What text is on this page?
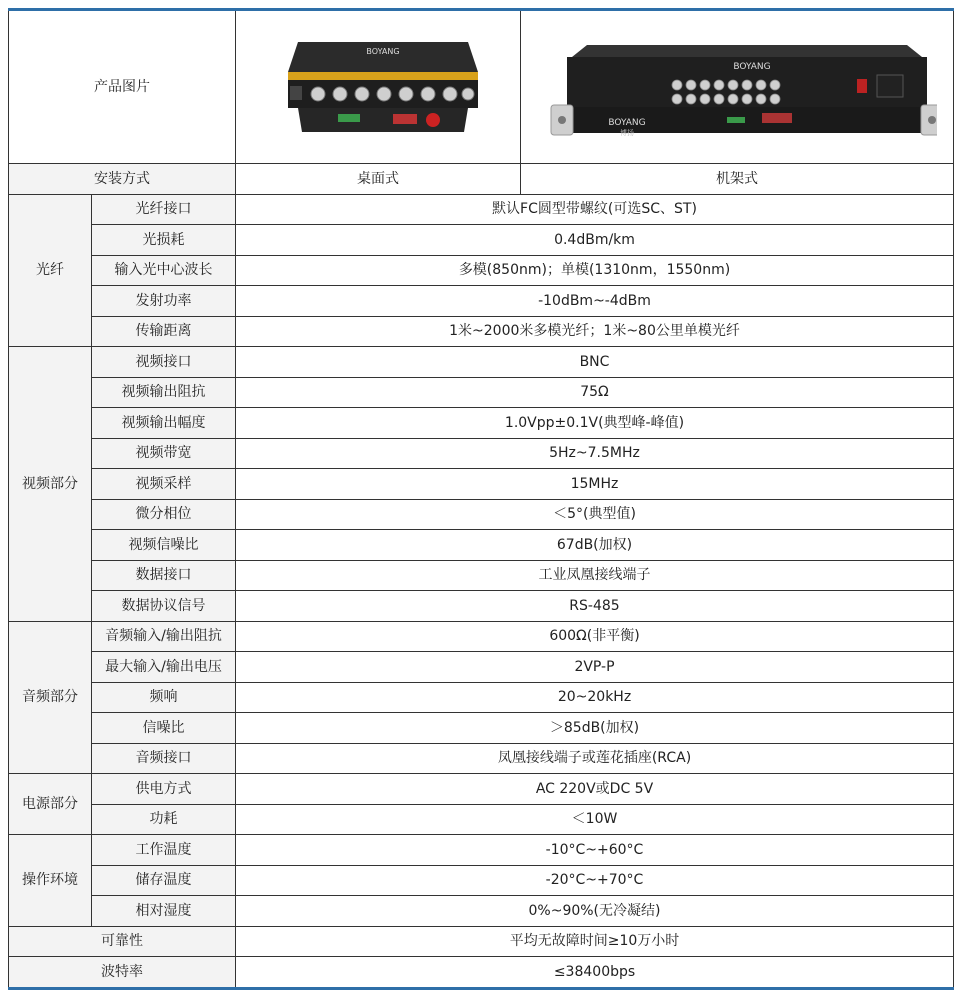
产品图片		BOYANG	BOYANG
BOYANG
博扬

安装方式		桌面式	机架式
光纤	光纤接口	默认FC圆型带螺纹(可选SC、ST)	
	光损耗	0.4dBm/km	
	输入光中心波长	多模(850nm)；单模(1310nm，1550nm)	
	发射功率	-10dBm~-4dBm	
	传输距离	1米~2000米多模光纤；1米~80公里单模光纤	
视频部分	视频接口	BNC	
	视频输出阻抗	75Ω	
	视频输出幅度	1.0Vpp±0.1V(典型峰-峰值)	
	视频带宽	5Hz~7.5MHz	
	视频采样	15MHz	
	微分相位	＜5°(典型值)	
	视频信噪比	67dB(加权)	
	数据接口	工业凤凰接线端子	
	数据协议信号	RS-485	
音频部分	音频输入/输出阻抗	600Ω(非平衡)	
	最大输入/输出电压	2VP-P	
	频响	20~20kHz	
	信噪比	＞85dB(加权)	
	音频接口	凤凰接线端子或莲花插座(RCA)	
电源部分	供电方式	AC 220V或DC 5V	
	功耗	＜10W	
操作环境	工作温度	-10°C~+60°C	
	储存温度	-20°C~+70°C	
	相对湿度	0%~90%(无冷凝结)	
可靠性		平均无故障时间≥10万小时	
波特率		≤38400bps	
